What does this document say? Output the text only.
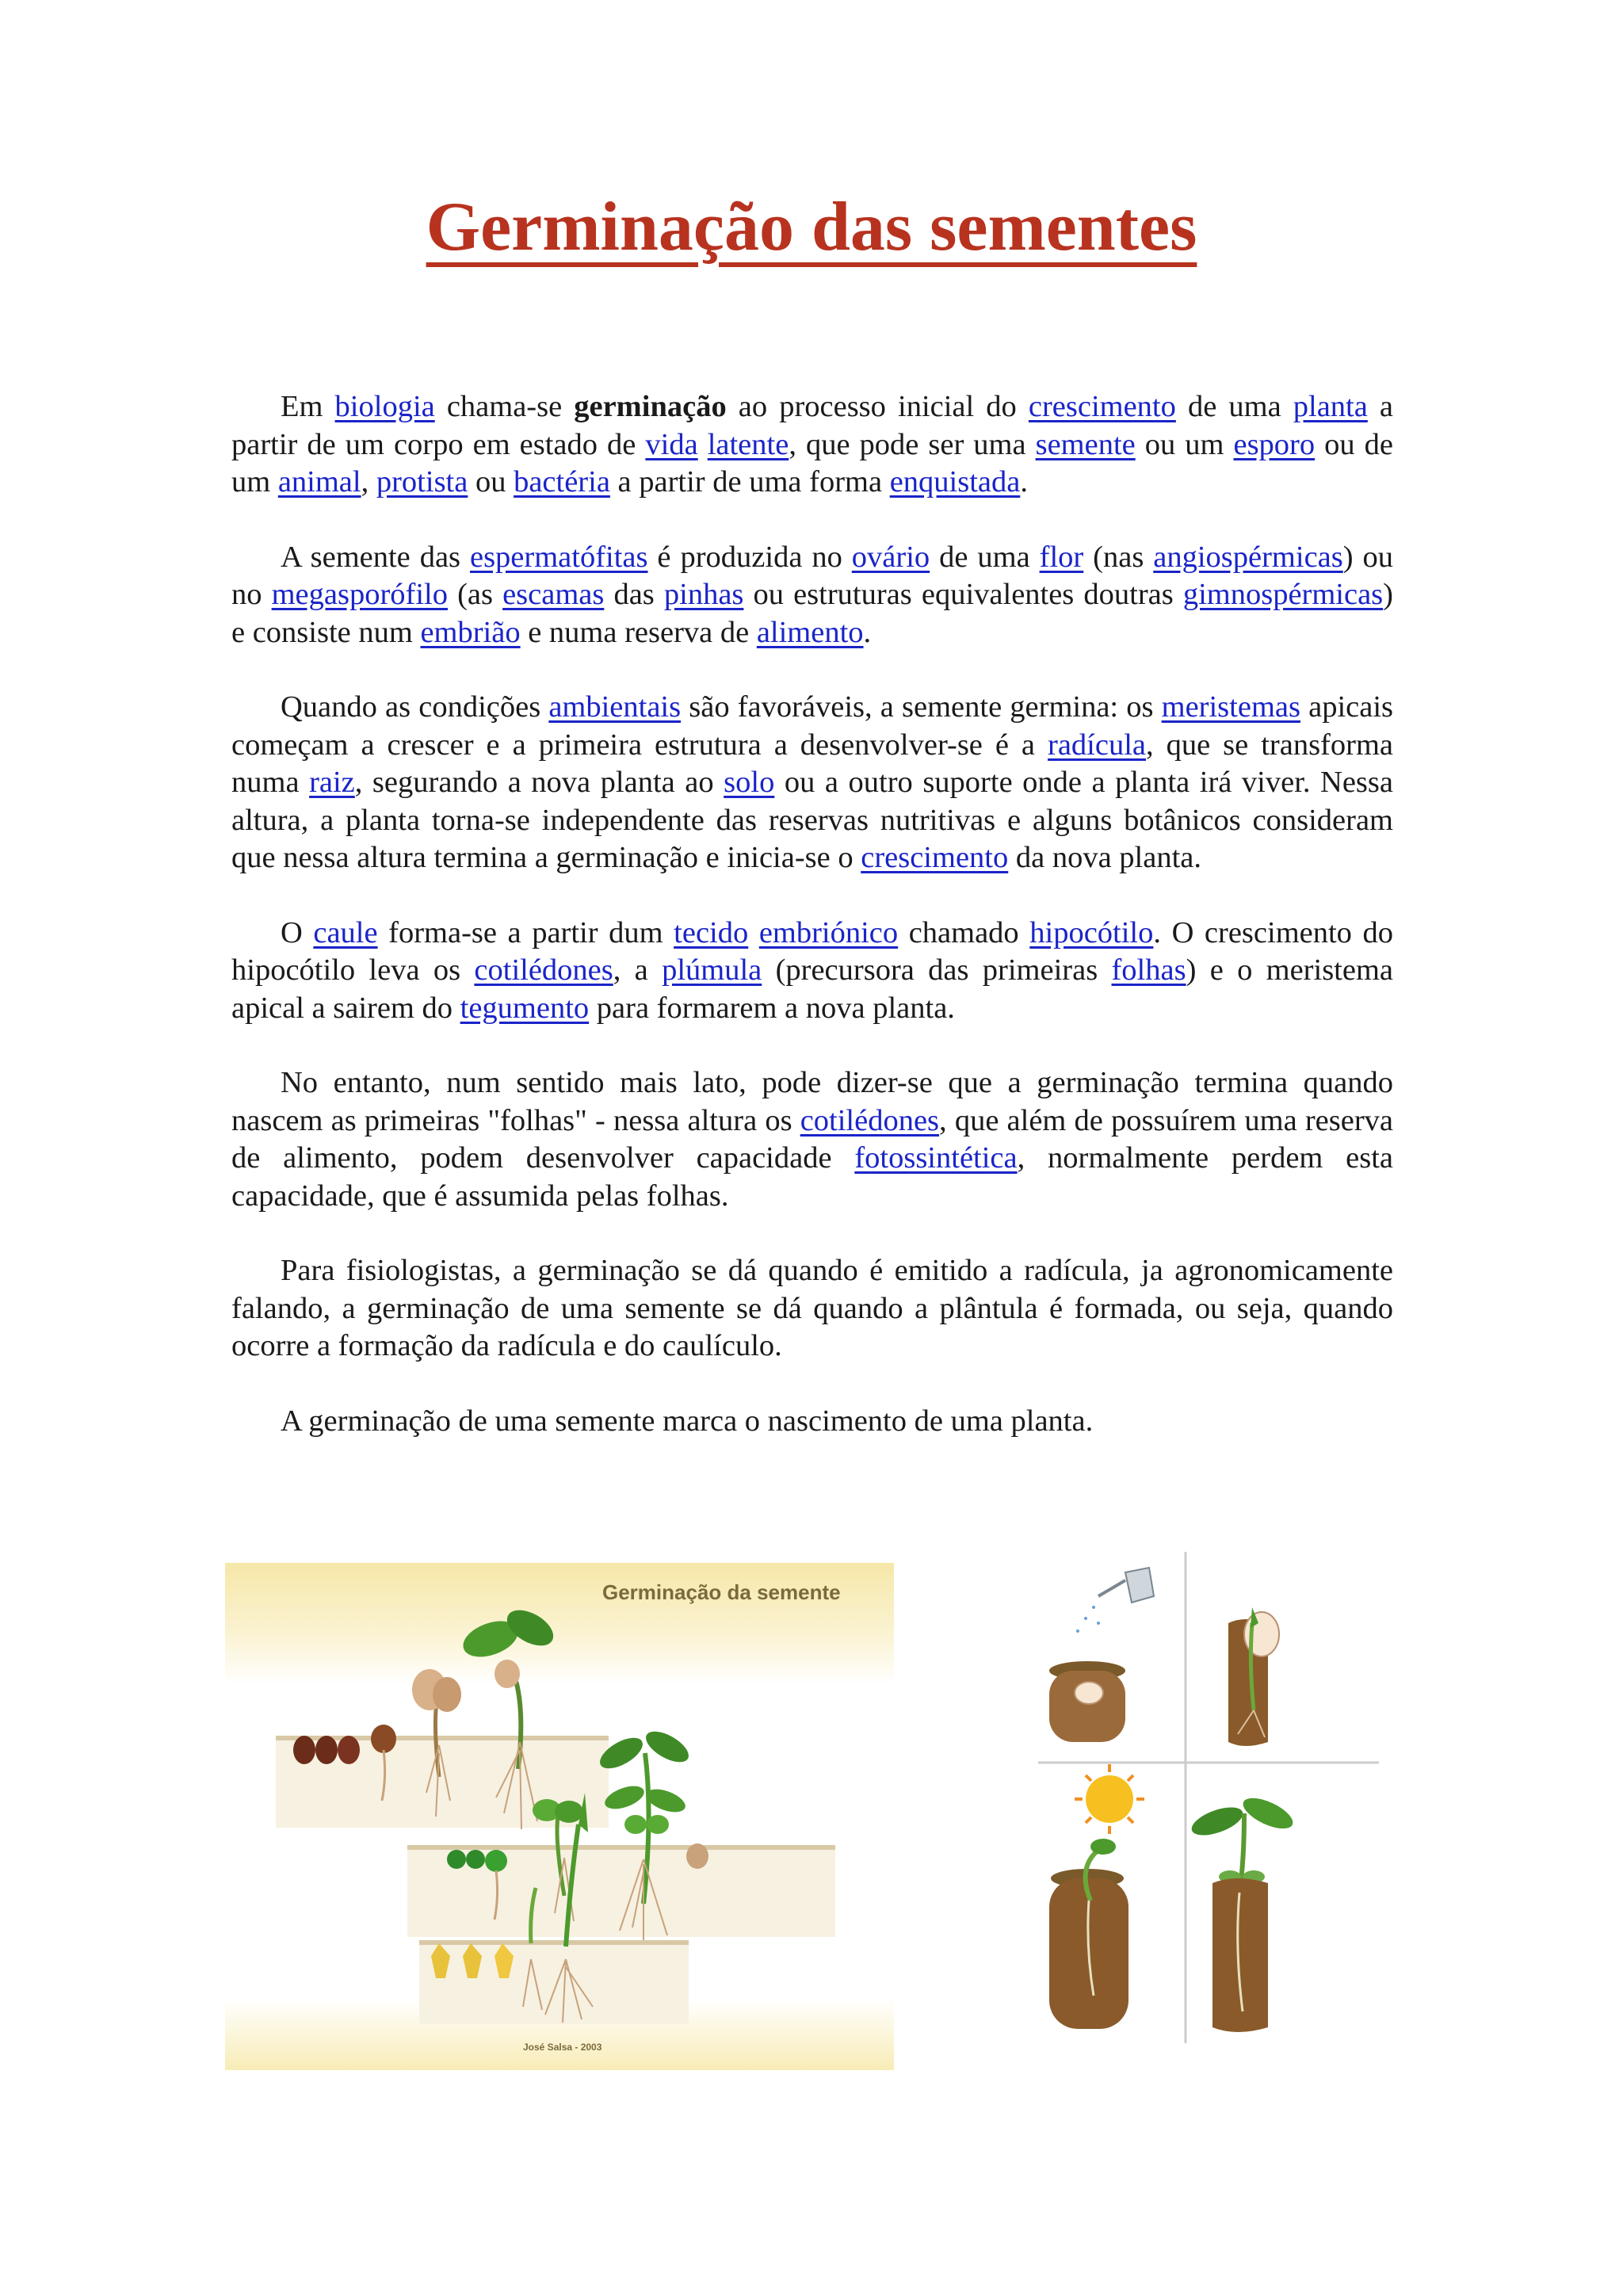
Germinação das sementes

Em biologia chama-se germinação ao processo inicial do crescimento de uma planta a partir de um corpo em estado de vida latente, que pode ser uma semente ou um esporo ou de um animal, protista ou bactéria a partir de uma forma enquistada.

A semente das espermatófitas é produzida no ovário de uma flor (nas angiospérmicas) ou no megasporófilo (as escamas das pinhas ou estruturas equivalentes doutras gimnospérmicas) e consiste num embrião e numa reserva de alimento.

Quando as condições ambientais são favoráveis, a semente germina: os meristemas apicais começam a crescer e a primeira estrutura a desenvolver-se é a radícula, que se transforma numa raiz, segurando a nova planta ao solo ou a outro suporte onde a planta irá viver. Nessa altura, a planta torna-se independente das reservas nutritivas e alguns botânicos consideram que nessa altura termina a germinação e inicia-se o crescimento da nova planta.

O caule forma-se a partir dum tecido embriónico chamado hipocótilo. O crescimento do hipocótilo leva os cotilédones, a plúmula (precursora das primeiras folhas) e o meristema apical a sairem do tegumento para formarem a nova planta.

No entanto, num sentido mais lato, pode dizer-se que a germinação termina quando nascem as primeiras "folhas" - nessa altura os cotilédones, que além de possuírem uma reserva de alimento, podem desenvolver capacidade fotossintética, normalmente perdem esta capacidade, que é assumida pelas folhas.

Para fisiologistas, a germinação se dá quando é emitido a radícula, ja agronomicamente falando, a germinação de uma semente se dá quando a plântula é formada, ou seja, quando ocorre a formação da radícula e do caulículo.

A germinação de uma semente marca o nascimento de uma planta.

Germinação da semente
José Salsa - 2003
